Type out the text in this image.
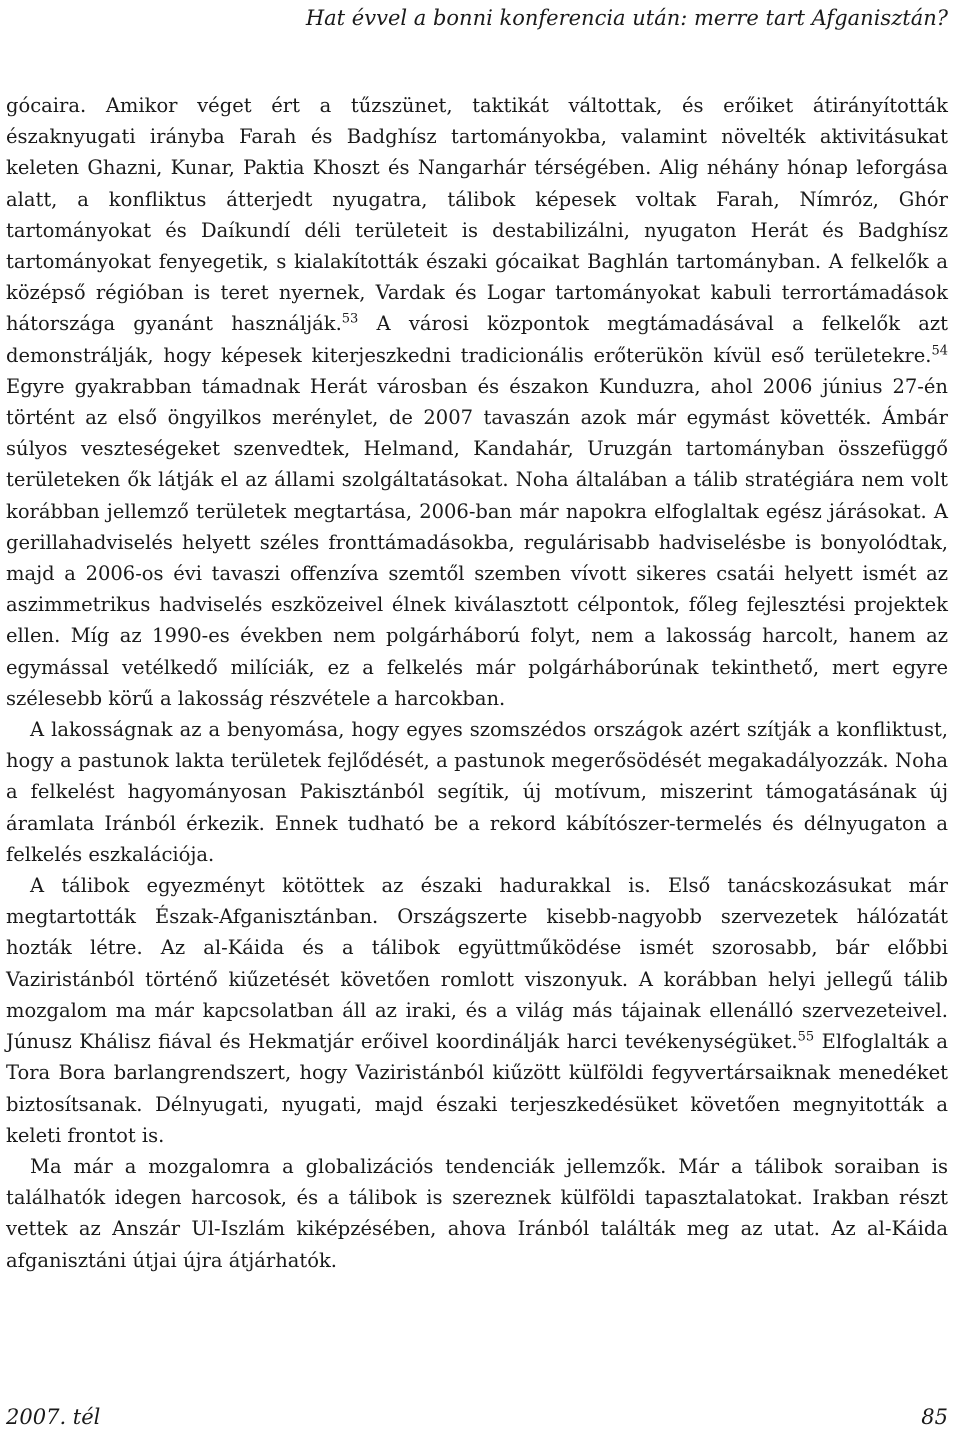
Hat évvel a bonni konferencia után: merre tart Afganisztán?

gócaira. Amikor véget ért a tűzszünet, taktikát váltottak, és erőiket átirányították északnyugati irányba Farah és Badghísz tartományokba, valamint növelték aktivitásukat keleten Ghazni, Kunar, Paktia Khoszt és Nangarhár térségében. Alig néhány hónap leforgása alatt, a konfliktus átterjedt nyugatra, tálibok képesek voltak Farah, Nímróz, Ghór tartományokat és Daíkundí déli területeit is destabilizálni, nyugaton Herát és Badghísz tartományokat fenyegetik, s kialakították északi gócaikat Baghlán tartományban. A felkelők a középső régióban is teret nyernek, Vardak és Logar tartományokat kabuli terrortámadások hátországa gyanánt használják.$^{53}$ A városi központok megtámadásával a felkelők azt demonstrálják, hogy képesek kiterjeszkedni tradicionális erőterükön kívül eső területekre.$^{54}$ Egyre gyakrabban támadnak Herát városban és északon Kunduzra, ahol 2006 június 27-én történt az első öngyilkos merénylet, de 2007 tavaszán azok már egymást követték. Ámbár súlyos veszteségeket szenvedtek, Helmand, Kandahár, Uruzgán tartományban összefüggő területeken ők látják el az állami szolgáltatásokat. Noha általában a tálib stratégiára nem volt korábban jellemző területek megtartása, 2006-ban már napokra elfoglaltak egész járásokat. A gerillahadviselés helyett széles fronttámadásokba, regulárisabb hadviselésbe is bonyolódtak, majd a 2006-os évi tavaszi offenzíva szemtől szemben vívott sikeres csatái helyett ismét az aszimmetrikus hadviselés eszközeivel élnek kiválasztott célpontok, főleg fejlesztési projektek ellen. Míg az 1990-es években nem polgárháború folyt, nem a lakosság harcolt, hanem az egymással vetélkedő milíciák, ez a felkelés már polgárháborúnak tekinthető, mert egyre szélesebb körű a lakosság részvétele a harcokban.

A lakosságnak az a benyomása, hogy egyes szomszédos országok azért szítják a konfliktust, hogy a pastunok lakta területek fejlődését, a pastunok megerősödését megakadályozzák. Noha a felkelést hagyományosan Pakisztánból segítik, új motívum, miszerint támogatásának új áramlata Iránból érkezik. Ennek tudható be a rekord kábítószer-termelés és délnyugaton a felkelés eszkalációja.

A tálibok egyezményt kötöttek az északi hadurakkal is. Első tanácskozásukat már megtartották Észak-Afganisztánban. Országszerte kisebb-nagyobb szervezetek hálózatát hozták létre. Az al-Káida és a tálibok együttműködése ismét szorosabb, bár előbbi Vaziristánból történő kiűzetését követően romlott viszonyuk. A korábban helyi jellegű tálib mozgalom ma már kapcsolatban áll az iraki, és a világ más tájainak ellenálló szervezeteivel. Júnusz Khálisz fiával és Hekmatjár erőivel koordinálják harci tevékenységüket.$^{55}$ Elfoglalták a Tora Bora barlangrendszert, hogy Vaziristánból kiűzött külföldi fegyvertársaiknak menedéket biztosítsanak. Délnyugati, nyugati, majd északi terjeszkedésüket követően megnyitották a keleti frontot is.

Ma már a mozgalomra a globalizációs tendenciák jellemzők. Már a tálibok soraiban is találhatók idegen harcosok, és a tálibok is szereznek külföldi tapasztalatokat. Irakban részt vettek az Anszár Ul-Iszlám kiképzésében, ahova Iránból találták meg az utat. Az al-Káida afganisztáni útjai újra átjárhatók.

2007. tél	85
